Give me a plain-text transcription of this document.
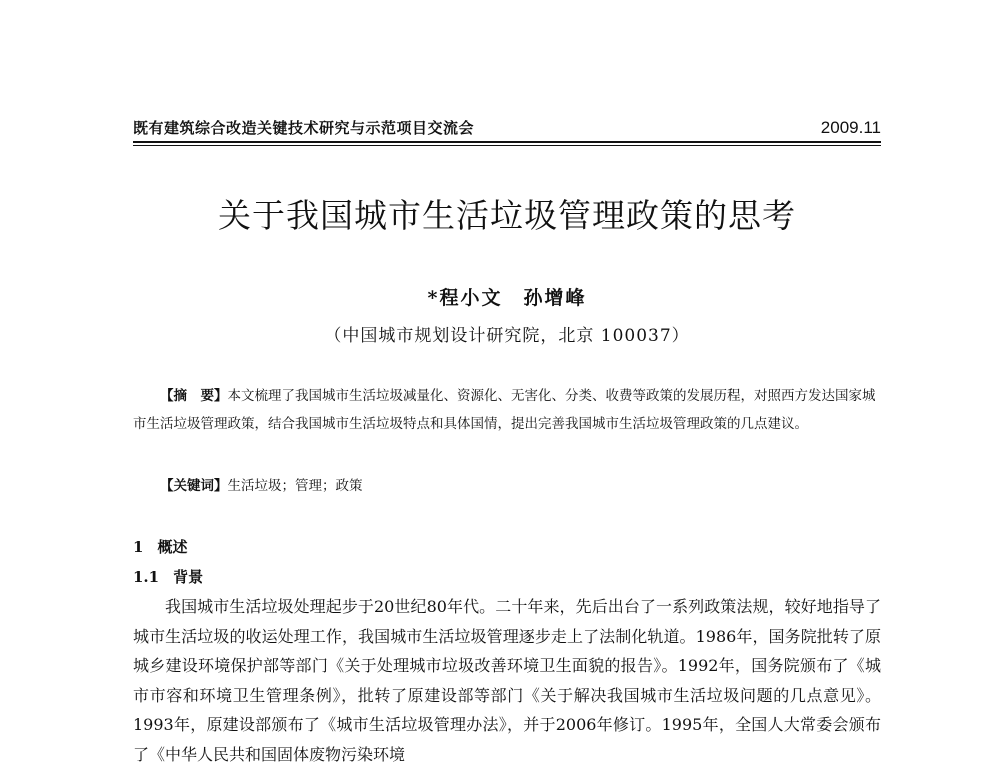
既有建筑综合改造关键技术研究与示范项目交流会	2009.11
关于我国城市生活垃圾管理政策的思考
*程小文　孙增峰
（中国城市规划设计研究院，北京 100037）
【摘　要】本文梳理了我国城市生活垃圾减量化、资源化、无害化、分类、收费等政策的发展历程，对照西方发达国家城市生活垃圾管理政策，结合我国城市生活垃圾特点和具体国情，提出完善我国城市生活垃圾管理政策的几点建议。
【关键词】生活垃圾；管理；政策
1 概述
1.1 背景
我国城市生活垃圾处理起步于20世纪80年代。二十年来，先后出台了一系列政策法规，较好地指导了城市生活垃圾的收运处理工作，我国城市生活垃圾管理逐步走上了法制化轨道。1986年，国务院批转了原城乡建设环境保护部等部门《关于处理城市垃圾改善环境卫生面貌的报告》。1992年，国务院颁布了《城市市容和环境卫生管理条例》，批转了原建设部等部门《关于解决我国城市生活垃圾问题的几点意见》。1993年，原建设部颁布了《城市生活垃圾管理办法》，并于2006年修订。1995年，全国人大常委会颁布了《中华人民共和国固体废物污染环境
